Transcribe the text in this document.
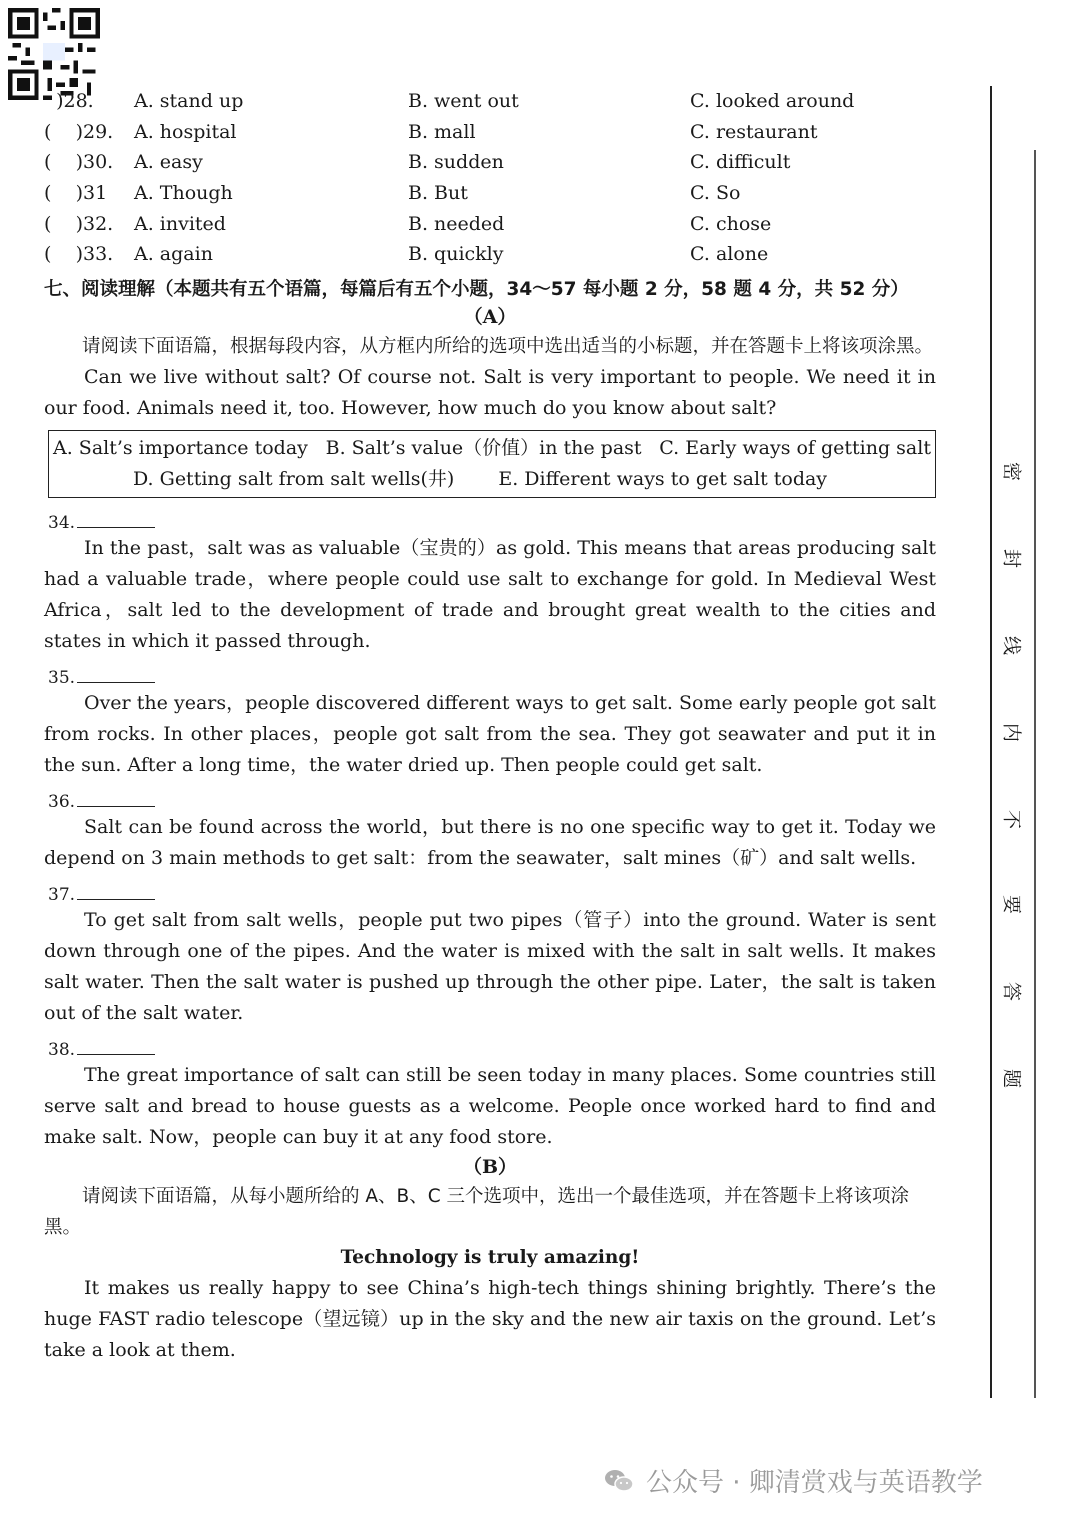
)28.	A. stand up	B. went out	C. looked around
(    )29.	A. hospital	B. mall	C. restaurant
(    )30.	A. easy	B. sudden	C. difficult
(    )31	A. Though	B. But	C. So
(    )32.	A. invited	B. needed	C. chose
(    )33.	A. again	B. quickly	C. alone
七、阅读理解（本题共有五个语篇，每篇后有五个小题，34～57 每小题 2 分，58 题 4 分，共 52 分）
（A）
请阅读下面语篇，根据每段内容，从方框内所给的选项中选出适当的小标题，并在答题卡上将该项涂黑。
Can we live without salt? Of course not. Salt is very important to people. We need it in our food. Animals need it, too. However, how much do you know about salt?
A. Salt’s importance today B. Salt’s value（价值）in the past C. Early ways of getting salt
D. Getting salt from salt wells(井) E. Different ways to get salt today
34.
In the past，salt was as valuable（宝贵的）as gold. This means that areas producing salt had a valuable trade，where people could use salt to exchange for gold. In Medieval West Africa，salt led to the development of trade and brought great wealth to the cities and states in which it passed through.
35.
Over the years，people discovered different ways to get salt. Some early people got salt from rocks. In other places，people got salt from the sea. They got seawater and put it in the sun. After a long time，the water dried up. Then people could get salt.
36.
Salt can be found across the world，but there is no one specific way to get it. Today we depend on 3 main methods to get salt：from the seawater，salt mines（矿）and salt wells.
37.
To get salt from salt wells，people put two pipes（管子）into the ground. Water is sent down through one of the pipes. And the water is mixed with the salt in salt wells. It makes salt water. Then the salt water is pushed up through the other pipe. Later，the salt is taken out of the salt water.
38.
The great importance of salt can still be seen today in many places. Some countries still serve salt and bread to house guests as a welcome. People once worked hard to find and make salt. Now，people can buy it at any food store.
（B）
请阅读下面语篇，从每小题所给的 A、B、C 三个选项中，选出一个最佳选项，并在答题卡上将该项涂黑。
Technology is truly amazing!
It makes us really happy to see China’s high-tech things shining brightly. There’s the huge FAST radio telescope（望远镜）up in the sky and the new air taxis on the ground. Let’s take a look at them.
密
封
线
内
不
要
答
题
公众号 · 卿清赏戏与英语教学
